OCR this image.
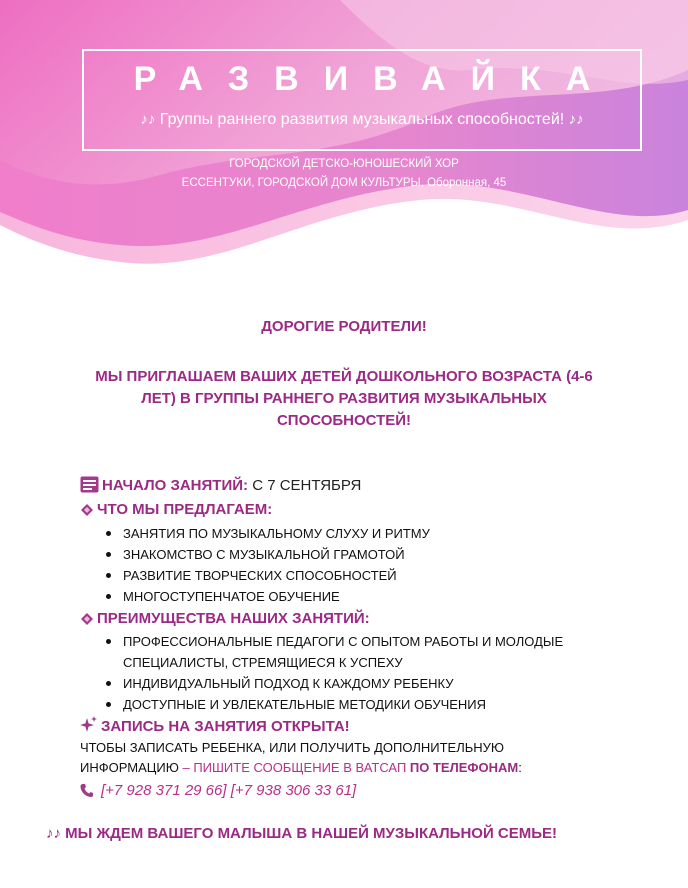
РАЗВИВАЙКА
♪♪ Группы раннего развития музыкальных способностей! ♪♪
ГОРОДСКОЙ ДЕТСКО-ЮНОШЕСКИЙ ХОР
ЕССЕНТУКИ, ГОРОДСКОЙ ДОМ КУЛЬТУРЫ, Оборонная, 45
ДОРОГИЕ РОДИТЕЛИ!
МЫ ПРИГЛАШАЕМ ВАШИХ ДЕТЕЙ ДОШКОЛЬНОГО ВОЗРАСТА (4-6 ЛЕТ) В ГРУППЫ РАННЕГО РАЗВИТИЯ МУЗЫКАЛЬНЫХ СПОСОБНОСТЕЙ!
НАЧАЛО ЗАНЯТИЙ: С 7 СЕНТЯБРЯ
ЧТО МЫ ПРЕДЛАГАЕМ:
ЗАНЯТИЯ ПО МУЗЫКАЛЬНОМУ СЛУХУ И РИТМУ
ЗНАКОМСТВО С МУЗЫКАЛЬНОЙ ГРАМОТОЙ
РАЗВИТИЕ ТВОРЧЕСКИХ СПОСОБНОСТЕЙ
МНОГОСТУПЕНЧАТОЕ ОБУЧЕНИЕ
ПРЕИМУЩЕСТВА НАШИХ ЗАНЯТИЙ:
ПРОФЕССИОНАЛЬНЫЕ ПЕДАГОГИ С ОПЫТОМ РАБОТЫ И МОЛОДЫЕ СПЕЦИАЛИСТЫ, СТРЕМЯЩИЕСЯ К УСПЕХУ
ИНДИВИДУАЛЬНЫЙ ПОДХОД К КАЖДОМУ РЕБЕНКУ
ДОСТУПНЫЕ И УВЛЕКАТЕЛЬНЫЕ МЕТОДИКИ ОБУЧЕНИЯ
ЗАПИСЬ НА ЗАНЯТИЯ ОТКРЫТА!
ЧТОБЫ ЗАПИСАТЬ РЕБЕНКА, ИЛИ ПОЛУЧИТЬ ДОПОЛНИТЕЛЬНУЮ
ИНФОРМАЦИЮ – ПИШИТЕ СООБЩЕНИЕ В ВАТСАП ПО ТЕЛЕФОНАМ:
[+7 928 371 29 66] [+7 938 306 33 61]
♪♪ МЫ ЖДЕМ ВАШЕГО МАЛЫША В НАШЕЙ МУЗЫКАЛЬНОЙ СЕМЬЕ!
